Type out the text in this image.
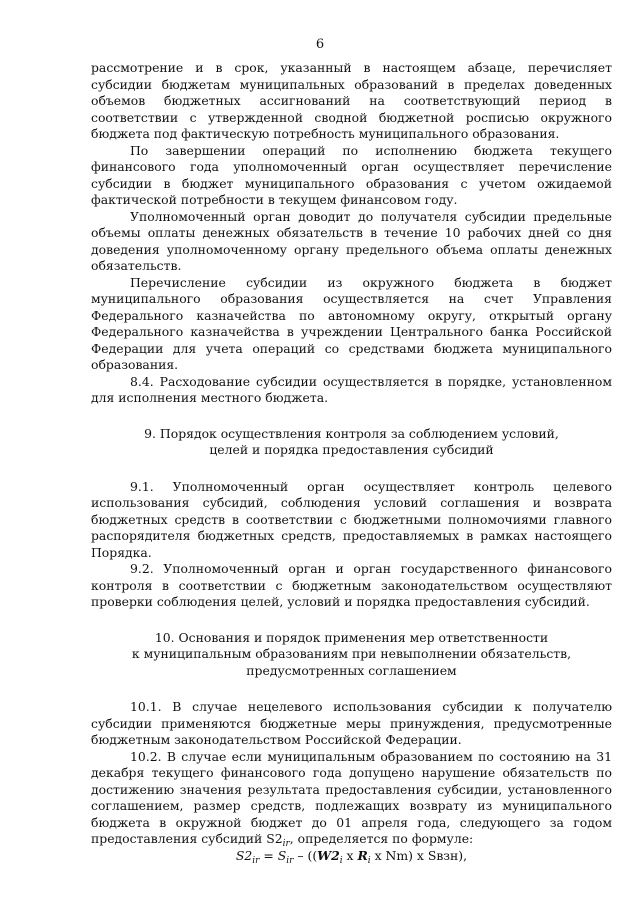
6

рассмотрение и в срок, указанный в настоящем абзаце, перечисляет субсидии бюджетам муниципальных образований в пределах доведенных объемов бюджетных ассигнований на соответствующий период в соответствии с утвержденной сводной бюджетной росписью окружного бюджета под фактическую потребность муниципального образования.

По завершении операций по исполнению бюджета текущего финансового года уполномоченный орган осуществляет перечисление субсидии в бюджет муниципального образования с учетом ожидаемой фактической потребности в текущем финансовом году.

Уполномоченный орган доводит до получателя субсидии предельные объемы оплаты денежных обязательств в течение 10 рабочих дней со дня доведения уполномоченному органу предельного объема оплаты денежных обязательств.

Перечисление субсидии из окружного бюджета в бюджет муниципального образования осуществляется на счет Управления Федерального казначейства по автономному округу, открытый органу Федерального казначейства в учреждении Центрального банка Российской Федерации для учета операций со средствами бюджета муниципального образования.

8.4. Расходование субсидии осуществляется в порядке, установленном для исполнения местного бюджета.

9. Порядок осуществления контроля за соблюдением условий,
целей и порядка предоставления субсидий

9.1. Уполномоченный орган осуществляет контроль целевого использования субсидий, соблюдения условий соглашения и возврата бюджетных средств в соответствии с бюджетными полномочиями главного распорядителя бюджетных средств, предоставляемых в рамках настоящего Порядка.

9.2. Уполномоченный орган и орган государственного финансового контроля в соответствии с бюджетным законодательством осуществляют проверки соблюдения целей, условий и порядка предоставления субсидий.

10. Основания и порядок применения мер ответственности
к муниципальным образованиям при невыполнении обязательств,
предусмотренных соглашением

10.1. В случае нецелевого использования субсидии к получателю субсидии применяются бюджетные меры принуждения, предусмотренные бюджетным законодательством Российской Федерации.

10.2. В случае если муниципальным образованием по состоянию на 31 декабря текущего финансового года допущено нарушение обязательств по достижению значения результата предоставления субсидии, установленного соглашением, размер средств, подлежащих возврату из муниципального бюджета в окружной бюджет до 01 апреля года, следующего за годом предоставления субсидий $S2_{ir}$, определяется по формуле:

$S2_{ir} = S_{ir} - ((W2_i$ x $R_i$ x Nm) x Sвзн),
